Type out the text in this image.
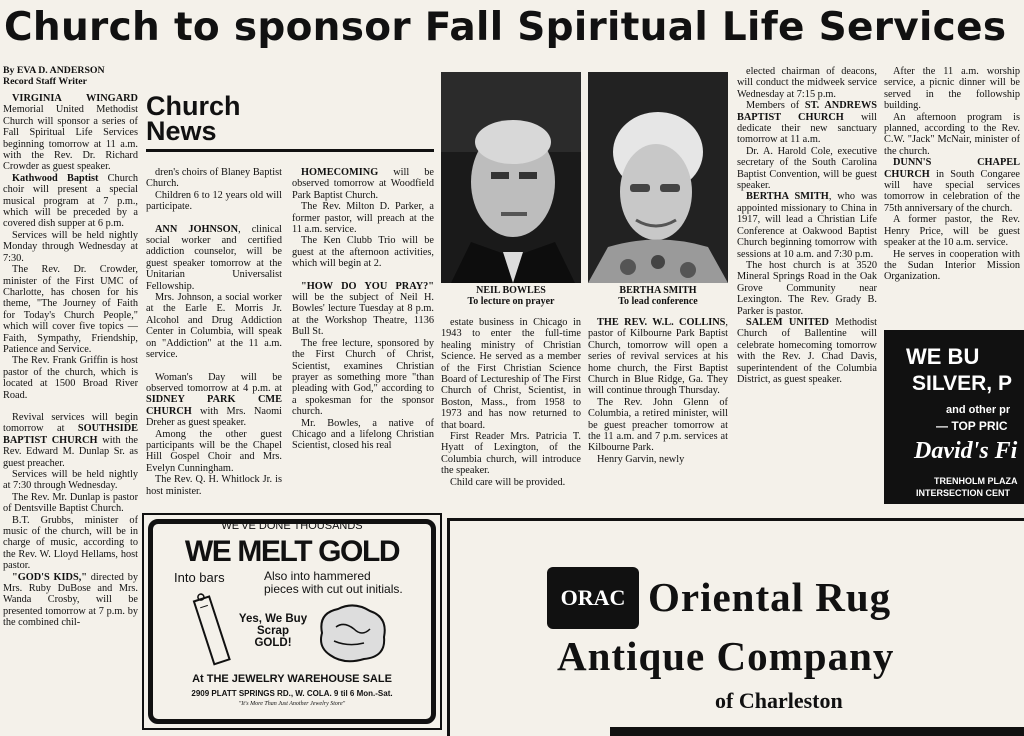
Church to sponsor Fall Spiritual Life Services
By EVA D. ANDERSON
Record Staff Writer

VIRGINIA WINGARD Memorial United Methodist Church will sponsor a series of Fall Spiritual Life Services beginning tomorrow at 11 a.m. with the Rev. Dr. Richard Crowder as guest speaker.

Kathwood Baptist Church choir will present a special musical program at 7 p.m., which will be preceded by a covered dish supper at 6 p.m.

Services will be held nightly Monday through Wednesday at 7:30.

The Rev. Dr. Crowder, minister of the First UMC of Charlotte, has chosen for his theme, "The Journey of Faith for Today's Church People," which will cover five topics — Faith, Sympathy, Friendship, Patience and Service.

The Rev. Frank Griffin is host pastor of the church, which is located at 1500 Broad River Road.

Revival services will begin tomorrow at SOUTHSIDE BAPTIST CHURCH with the Rev. Edward M. Dunlap Sr. as guest preacher.

Services will be held nightly at 7:30 through Wednesday.

The Rev. Mr. Dunlap is pastor of Dentsville Baptist Church.

B.T. Grubbs, minister of music of the church, will be in charge of music, according to the Rev. W. Lloyd Hellams, host pastor.

"GOD'S KIDS," directed by Mrs. Ruby DuBose and Mrs. Wanda Crosby, will be presented tomorrow at 7 p.m. by the combined chil-

Church
News

dren's choirs of Blaney Baptist Church.

Children 6 to 12 years old will participate.

ANN JOHNSON, clinical social worker and certified addiction counselor, will be guest speaker tomorrow at the Unitarian Universalist Fellowship.

Mrs. Johnson, a social worker at the Earle E. Morris Jr. Alcohol and Drug Addiction Center in Columbia, will speak on "Addiction" at the 11 a.m. service.

Woman's Day will be observed tomorrow at 4 p.m. at SIDNEY PARK CME CHURCH with Mrs. Naomi Dreher as guest speaker.

Among the other guest participants will be the Chapel Hill Gospel Choir and Mrs. Evelyn Cunningham.

The Rev. Q. H. Whitlock Jr. is host minister.

HOMECOMING will be observed tomorrow at Woodfield Park Baptist Church.

The Rev. Milton D. Parker, a former pastor, will preach at the 11 a.m. service.

The Ken Clubb Trio will be guest at the afternoon activities, which will begin at 2.

"HOW DO YOU PRAY?" will be the subject of Neil H. Bowles' lecture Tuesday at 8 p.m. at the Workshop Theatre, 1136 Bull St.

The free lecture, sponsored by the First Church of Christ, Scientist, examines Christian prayer as something more "than pleading with God," according to a spokesman for the sponsor church.

Mr. Bowles, a native of Chicago and a lifelong Christian Scientist, closed his real

NEIL BOWLES
To lecture on prayer
BERTHA SMITH
To lead conference

estate business in Chicago in 1943 to enter the full-time healing ministry of Christian Science. He served as a member of the First Christian Science Board of Lectureship of The First Church of Christ, Scientist, in Boston, Mass., from 1958 to 1973 and has now returned to that board.

First Reader Mrs. Patricia T. Hyatt of Lexington, of the Columbia church, will introduce the speaker.

Child care will be provided.

THE REV. W.L. COLLINS, pastor of Kilbourne Park Baptist Church, tomorrow will open a series of revival services at his home church, the First Baptist Church in Blue Ridge, Ga. They will continue through Thursday.

The Rev. John Glenn of Columbia, a retired minister, will be guest preacher tomorrow at the 11 a.m. and 7 p.m. services at Kilbourne Park.

Henry Garvin, newly

elected chairman of deacons, will conduct the midweek service Wednesday at 7:15 p.m.

Members of ST. ANDREWS BAPTIST CHURCH will dedicate their new sanctuary tomorrow at 11 a.m.

Dr. A. Harold Cole, executive secretary of the South Carolina Baptist Convention, will be guest speaker.

BERTHA SMITH, who was appointed missionary to China in 1917, will lead a Christian Life Conference at Oakwood Baptist Church beginning tomorrow with sessions at 10 a.m. and 7:30 p.m.

The host church is at 3520 Mineral Springs Road in the Oak Grove Community near Lexington. The Rev. Grady B. Parker is pastor.

SALEM UNITED Methodist Church of Ballentine will celebrate homecoming tomorrow with the Rev. J. Chad Davis, superintendent of the Columbia District, as guest speaker.

After the 11 a.m. worship service, a picnic dinner will be served in the followship building.

An afternoon program is planned, according to the Rev. C.W. "Jack" McNair, minister of the church.

DUNN'S CHAPEL CHURCH in South Congaree will have special services tomorrow in celebration of the 75th anniversary of the church.

A former pastor, the Rev. Henry Price, will be guest speaker at the 10 a.m. service.

He serves in cooperation with the Sudan Interior Mission Organization.

WE BU
SILVER, P
and other pr
— TOP PRIC
David's Fi
TRENHOLM PLAZA
INTERSECTION CENT
WE'VE DONE THOUSANDS
WE MELT GOLD
Into bars	Also into hammered pieces with cut out initials.
Yes, We Buy Scrap GOLD!
At THE JEWELRY WAREHOUSE SALE
2909 PLATT SPRINGS RD., W. COLA. 9 til 6 Mon.-Sat.
"It's More Than Just Another Jewelry Store"
ORAC Oriental Rug
Antique Company
of Charleston
